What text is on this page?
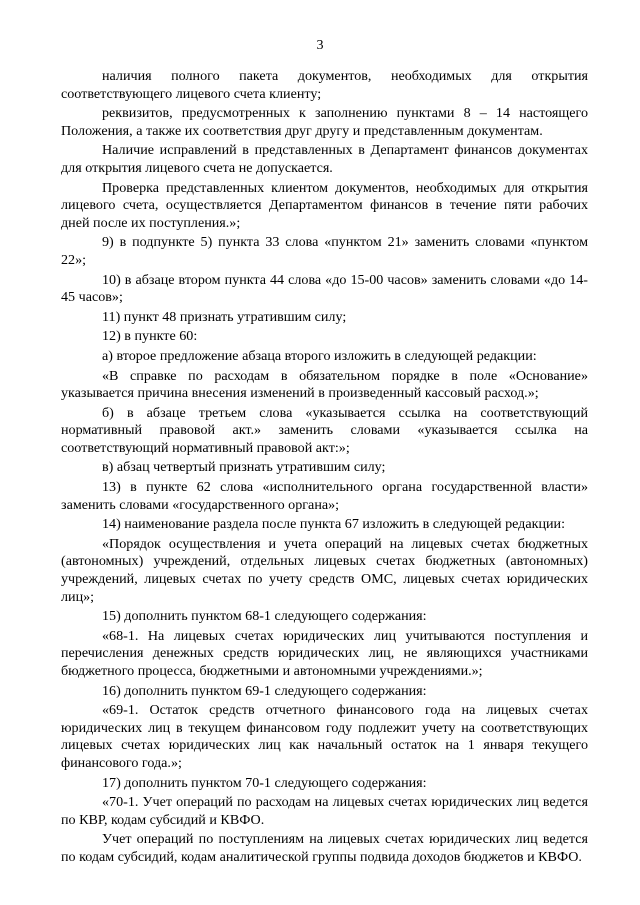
3

наличия полного пакета документов, необходимых для открытия соответствующего лицевого счета клиенту;

реквизитов, предусмотренных к заполнению пунктами 8 – 14 настоящего Положения, а также их соответствия друг другу и представленным документам.

Наличие исправлений в представленных в Департамент финансов документах для открытия лицевого счета не допускается.

Проверка представленных клиентом документов, необходимых для открытия лицевого счета, осуществляется Департаментом финансов в течение пяти рабочих дней после их поступления.»;

9) в подпункте 5) пункта 33 слова «пунктом 21» заменить словами «пунктом 22»;

10) в абзаце втором пункта 44 слова «до 15-00 часов» заменить словами «до 14-45 часов»;

11) пункт 48 признать утратившим силу;

12) в пункте 60:

а) второе предложение абзаца второго изложить в следующей редакции:

«В справке по расходам в обязательном порядке в поле «Основание» указывается причина внесения изменений в произведенный кассовый расход.»;

б) в абзаце третьем слова «указывается ссылка на соответствующий нормативный правовой акт.» заменить словами «указывается ссылка на соответствующий нормативный правовой акт:»;

в) абзац четвертый признать утратившим силу;

13) в пункте 62 слова «исполнительного органа государственной власти» заменить словами «государственного органа»;

14) наименование раздела после пункта 67 изложить в следующей редакции:

«Порядок осуществления и учета операций на лицевых счетах бюджетных (автономных) учреждений, отдельных лицевых счетах бюджетных (автономных) учреждений, лицевых счетах по учету средств ОМС, лицевых счетах юридических лиц»;

15) дополнить пунктом 68-1 следующего содержания:

«68-1. На лицевых счетах юридических лиц учитываются поступления и перечисления денежных средств юридических лиц, не являющихся участниками бюджетного процесса, бюджетными и автономными учреждениями.»;

16) дополнить пунктом 69-1 следующего содержания:

«69-1. Остаток средств отчетного финансового года на лицевых счетах юридических лиц в текущем финансовом году подлежит учету на соответствующих лицевых счетах юридических лиц как начальный остаток на 1 января текущего финансового года.»;

17) дополнить пунктом 70-1 следующего содержания:

«70-1. Учет операций по расходам на лицевых счетах юридических лиц ведется по КВР, кодам субсидий и КВФО.

Учет операций по поступлениям на лицевых счетах юридических лиц ведется по кодам субсидий, кодам аналитической группы подвида доходов бюджетов и КВФО.
